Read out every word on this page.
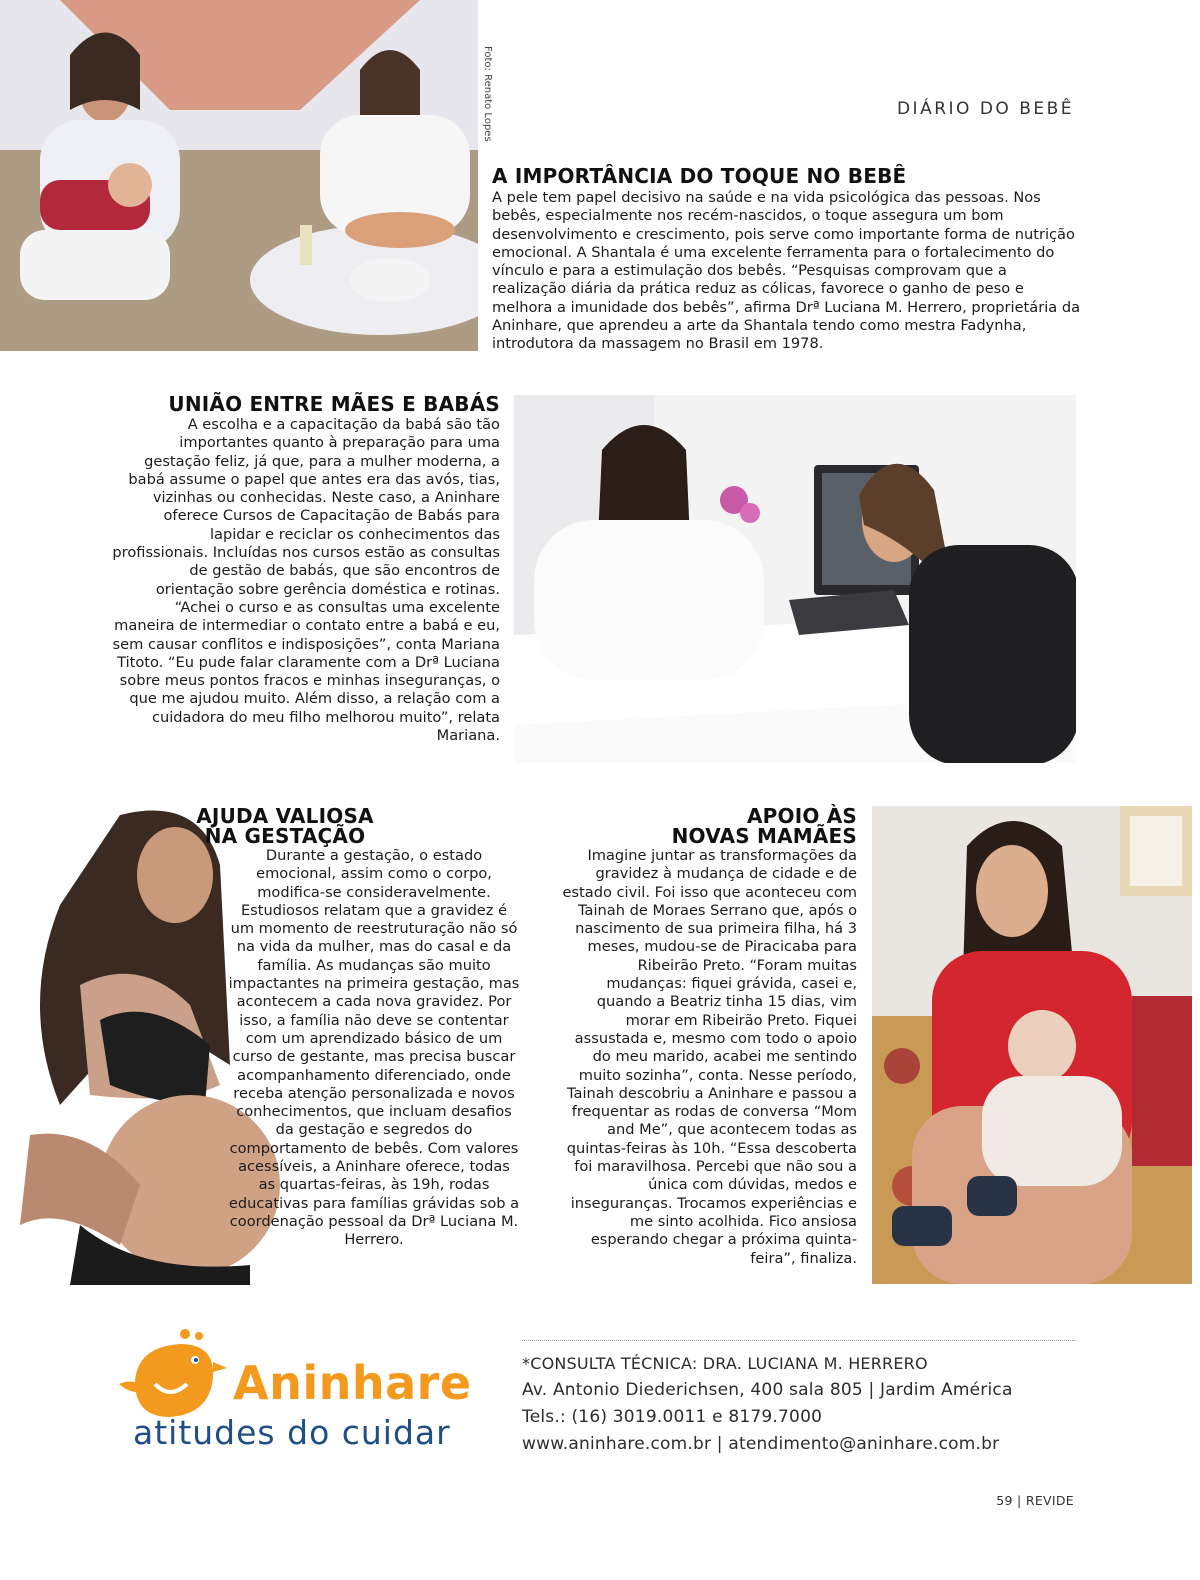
Foto: Renato Lopes	DIÁRIO DO BEBÊ
A IMPORTÂNCIA DO TOQUE NO BEBÊ

A pele tem papel decisivo na saúde e na vida psicológica das pessoas. Nos bebês, especialmente nos recém-nascidos, o toque assegura um bom desenvolvimento e crescimento, pois serve como importante forma de nutrição emocional. A Shantala é uma excelente ferramenta para o fortalecimento do vínculo e para a estimulação dos bebês. “Pesquisas comprovam que a realização diária da prática reduz as cólicas, favorece o ganho de peso e melhora a imunidade dos bebês”, afirma Drª Luciana M. Herrero, proprietária da Aninhare, que aprendeu a arte da Shantala tendo como mestra Fadynha, introdutora da massagem no Brasil em 1978.

UNIÃO ENTRE MÃES E BABÁS

A escolha e a capacitação da babá são tão importantes quanto à preparação para uma gestação feliz, já que, para a mulher moderna, a babá assume o papel que antes era das avós, tias, vizinhas ou conhecidas. Neste caso, a Aninhare oferece Cursos de Capacitação de Babás para lapidar e reciclar os conhecimentos das profissionais. Incluídas nos cursos estão as consultas de gestão de babás, que são encontros de orientação sobre gerência doméstica e rotinas. “Achei o curso e as consultas uma excelente maneira de intermediar o contato entre a babá e eu, sem causar conflitos e indisposições”, conta Mariana Titoto. “Eu pude falar claramente com a Drª Luciana sobre meus pontos fracos e minhas inseguranças, o que me ajudou muito. Além disso, a relação com a cuidadora do meu filho melhorou muito”, relata Mariana.

AJUDA VALIOSA
NA GESTAÇÃO

Durante a gestação, o estado emocional, assim como o corpo, modifica-se consideravelmente. Estudiosos relatam que a gravidez é um momento de reestruturação não só na vida da mulher, mas do casal e da família. As mudanças são muito impactantes na primeira gestação, mas acontecem a cada nova gravidez. Por isso, a família não deve se contentar com um aprendizado básico de um curso de gestante, mas precisa buscar acompanhamento diferenciado, onde receba atenção personalizada e novos conhecimentos, que incluam desafios da gestação e segredos do comportamento de bebês. Com valores acessíveis, a Aninhare oferece, todas as quartas-feiras, às 19h, rodas educativas para famílias grávidas sob a coordenação pessoal da Drª Luciana M. Herrero.

APOIO ÀS
NOVAS MAMÃES

Imagine juntar as transformações da gravidez à mudança de cidade e de estado civil. Foi isso que aconteceu com Tainah de Moraes Serrano que, após o nascimento de sua primeira filha, há 3 meses, mudou-se de Piracicaba para Ribeirão Preto. “Foram muitas mudanças: fiquei grávida, casei e, quando a Beatriz tinha 15 dias, vim morar em Ribeirão Preto. Fiquei assustada e, mesmo com todo o apoio do meu marido, acabei me sentindo muito sozinha”, conta. Nesse período, Tainah descobriu a Aninhare e passou a frequentar as rodas de conversa “Mom and Me”, que acontecem todas as quintas-feiras às 10h. “Essa descoberta foi maravilhosa. Percebi que não sou a única com dúvidas, medos e inseguranças. Trocamos experiências e me sinto acolhida. Fico ansiosa esperando chegar a próxima quinta-feira”, finaliza.

Aninhare
atitudes do cuidar
*CONSULTA TÉCNICA: DRA. LUCIANA M. HERRERO
Av. Antonio Diederichsen, 400 sala 805 | Jardim América
Tels.: (16) 3019.0011 e 8179.7000
www.aninhare.com.br | atendimento@aninhare.com.br
59 | REVIDE
